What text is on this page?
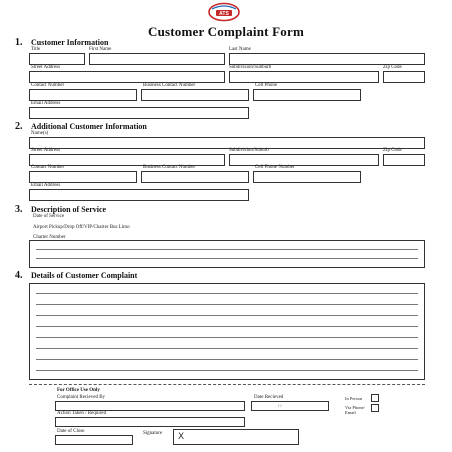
ATS
Customer Complaint Form
1. Customer Information
Title	First Name	Last Name
Street Address	Subdivision/Subburb	Zip Code
Contact Number	Business Contact Number	Cell Phone
Email Address
2. Additional Customer Information
Name(s)
Street Address	Subdivision/Suburb	Zip Code
Contact Number	Business Contact Number	Cell Phone Number
Email Address
3. Description of Service
Date of Service
Airport Pickup/Drop Off/VIP/Charter Bus Limo
Charter Number
4. Details of Customer Complaint
For Office Use Only
Complaint Recieved By	Date Recieved
/ /
In Person
Via Phone/
Email
Action Taken / Required
Date of Close	Signature X
